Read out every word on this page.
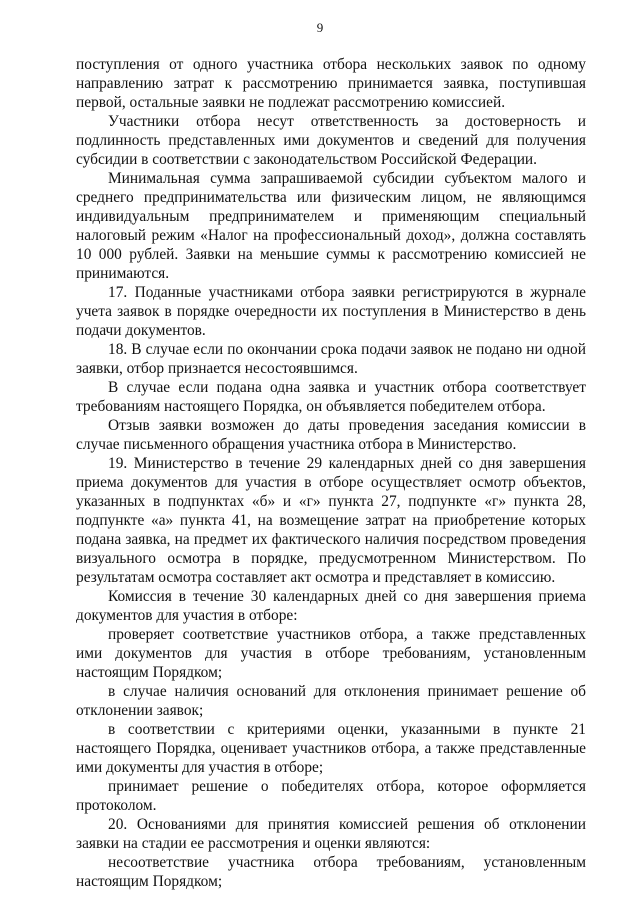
9

поступления от одного участника отбора нескольких заявок по одному направлению затрат к рассмотрению принимается заявка, поступившая первой, остальные заявки не подлежат рассмотрению комиссией.

Участники отбора несут ответственность за достоверность и подлинность представленных ими документов и сведений для получения субсидии в соответствии с законодательством Российской Федерации.

Минимальная сумма запрашиваемой субсидии субъектом малого и среднего предпринимательства или физическим лицом, не являющимся индивидуальным предпринимателем и применяющим специальный налоговый режим «Налог на профессиональный доход», должна составлять 10 000 рублей. Заявки на меньшие суммы к рассмотрению комиссией не принимаются.

17. Поданные участниками отбора заявки регистрируются в журнале учета заявок в порядке очередности их поступления в Министерство в день подачи документов.

18. В случае если по окончании срока подачи заявок не подано ни одной заявки, отбор признается несостоявшимся.

В случае если подана одна заявка и участник отбора соответствует требованиям настоящего Порядка, он объявляется победителем отбора.

Отзыв заявки возможен до даты проведения заседания комиссии в случае письменного обращения участника отбора в Министерство.

19. Министерство в течение 29 календарных дней со дня завершения приема документов для участия в отборе осуществляет осмотр объектов, указанных в подпунктах «б» и «г» пункта 27, подпункте «г» пункта 28, подпункте «а» пункта 41, на возмещение затрат на приобретение которых подана заявка, на предмет их фактического наличия посредством проведения визуального осмотра в порядке, предусмотренном Министерством. По результатам осмотра составляет акт осмотра и представляет в комиссию.

Комиссия в течение 30 календарных дней со дня завершения приема документов для участия в отборе:

проверяет соответствие участников отбора, а также представленных ими документов для участия в отборе требованиям, установленным настоящим Порядком;

в случае наличия оснований для отклонения принимает решение об отклонении заявок;

в соответствии с критериями оценки, указанными в пункте 21 настоящего Порядка, оценивает участников отбора, а также представленные ими документы для участия в отборе;

принимает решение о победителях отбора, которое оформляется протоколом.

20. Основаниями для принятия комиссией решения об отклонении заявки на стадии ее рассмотрения и оценки являются:

несоответствие участника отбора требованиям, установленным настоящим Порядком;
